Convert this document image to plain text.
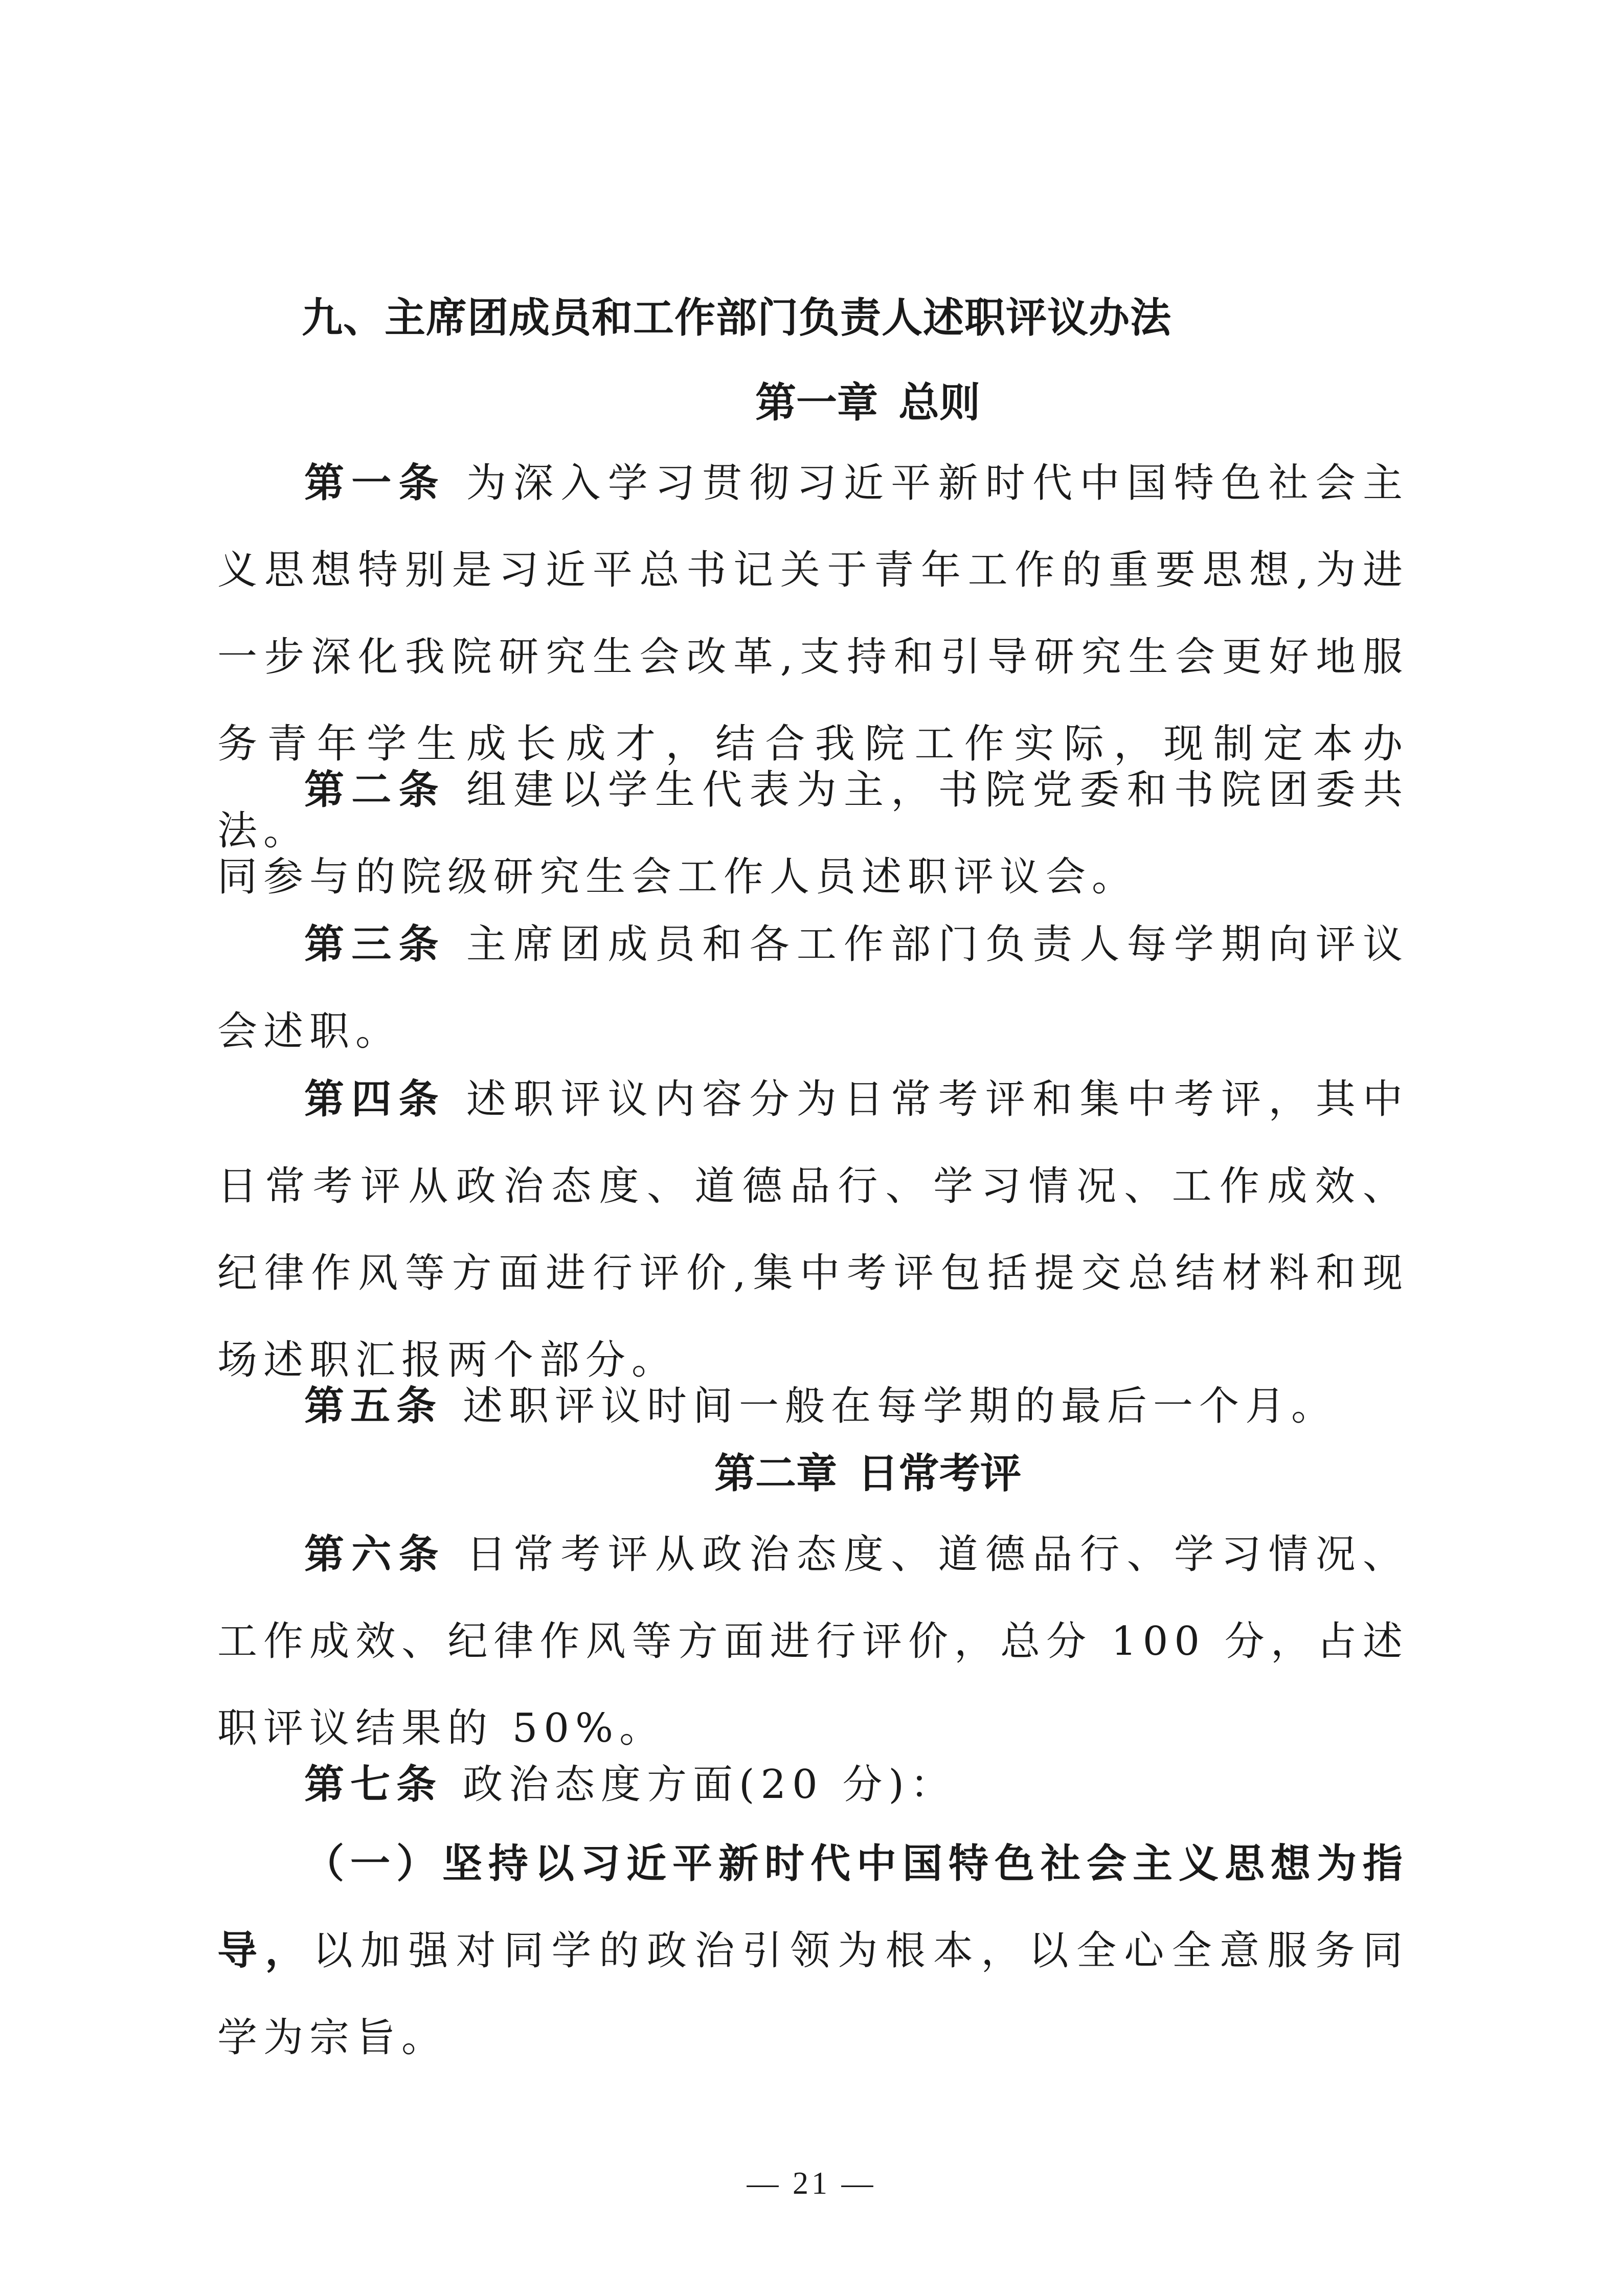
九、主席团成员和工作部门负责人述职评议办法
第一章 总则

第一条 为深入学习贯彻习近平新时代中国特色社会主义思想特别是习近平总书记关于青年工作的重要思想,为进一步深化我院研究生会改革,支持和引导研究生会更好地服务青年学生成长成才，结合我院工作实际，现制定本办法。

第二条 组建以学生代表为主，书院党委和书院团委共同参与的院级研究生会工作人员述职评议会。

第三条 主席团成员和各工作部门负责人每学期向评议会述职。

第四条 述职评议内容分为日常考评和集中考评，其中日常考评从政治态度、道德品行、学习情况、工作成效、纪律作风等方面进行评价,集中考评包括提交总结材料和现场述职汇报两个部分。

第五条 述职评议时间一般在每学期的最后一个月。

第二章 日常考评

第六条 日常考评从政治态度、道德品行、学习情况、工作成效、纪律作风等方面进行评价，总分 100 分，占述职评议结果的 50%。

第七条 政治态度方面(20 分)：

（一）坚持以习近平新时代中国特色社会主义思想为指导，以加强对同学的政治引领为根本，以全心全意服务同学为宗旨。

— 21 —
